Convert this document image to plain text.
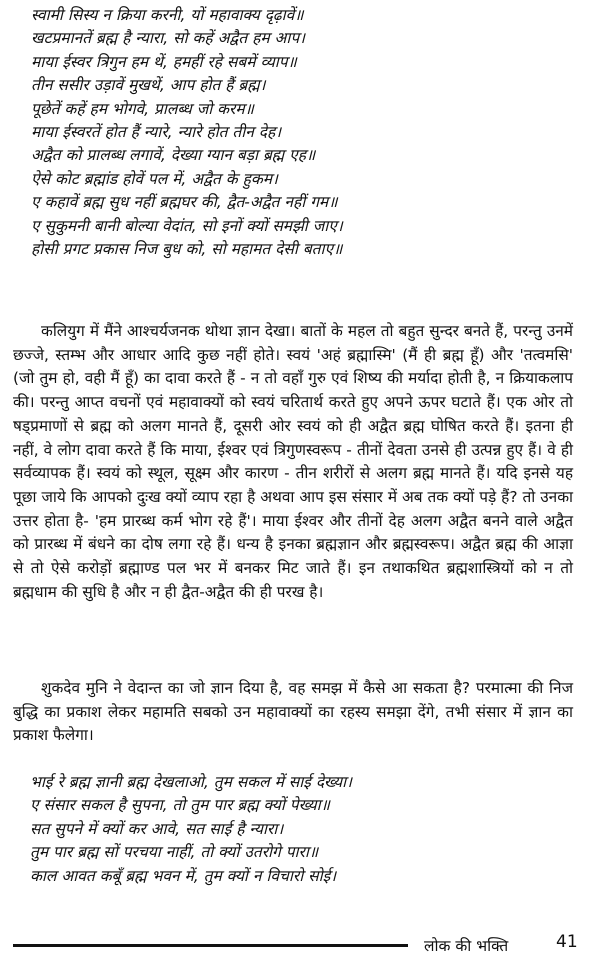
स्वामी सिस्य न क्रिया करनी, यों महावाक्य दृढ़ावें॥
खटप्रमानतें ब्रह्म है न्यारा, सो कहें अद्वैत हम आप।
माया ईस्वर त्रिगुन हम थें, हमहीं रहे सबमें व्याप॥
तीन ससीर उड़ावें मुखथें, आप होत हैं ब्रह्म।
पूछेतें कहें हम भोगवे, प्रालब्ध जो करम॥
माया ईस्वरतें होत हैं न्यारे, न्यारे होत तीन देह।
अद्वैत को प्रालब्ध लगावें, देख्या ग्यान बड़ा ब्रह्म एह॥
ऐसे कोट ब्रह्मांड होवें पल में, अद्वैत के हुकम।
ए कहावें ब्रह्म सुध नहीं ब्रह्मघर की, द्वैत-अद्वैत नहीं गम॥
ए सुकुमनी बानी बोल्या वेदांत, सो इनों क्यों समझी जाए।
होसी प्रगट प्रकास निज बुध को, सो महामत देसी बताए॥

कलियुग में मैंने आश्चर्यजनक थोथा ज्ञान देखा। बातों के महल तो बहुत सुन्दर बनते हैं, परन्तु उनमें छज्जे, स्तम्भ और आधार आदि कुछ नहीं होते। स्वयं 'अहं ब्रह्मास्मि' (मैं ही ब्रह्म हूँ) और 'तत्वमसि' (जो तुम हो, वही मैं हूँ) का दावा करते हैं - न तो वहाँ गुरु एवं शिष्य की मर्यादा होती है, न क्रियाकलाप की। परन्तु आप्त वचनों एवं महावाक्यों को स्वयं चरितार्थ करते हुए अपने ऊपर घटाते हैं। एक ओर तो षड्प्रमाणों से ब्रह्म को अलग मानते हैं, दूसरी ओर स्वयं को ही अद्वैत ब्रह्म घोषित करते हैं। इतना ही नहीं, वे लोग दावा करते हैं कि माया, ईश्वर एवं त्रिगुणस्वरूप - तीनों देवता उनसे ही उत्पन्न हुए हैं। वे ही सर्वव्यापक हैं। स्वयं को स्थूल, सूक्ष्म और कारण - तीन शरीरों से अलग ब्रह्म मानते हैं। यदि इनसे यह पूछा जाये कि आपको दुःख क्यों व्याप रहा है अथवा आप इस संसार में अब तक क्यों पड़े हैं? तो उनका उत्तर होता है- 'हम प्रारब्ध कर्म भोग रहे हैं'। माया ईश्वर और तीनों देह अलग अद्वैत बनने वाले अद्वैत को प्रारब्ध में बंधने का दोष लगा रहे हैं। धन्य है इनका ब्रह्मज्ञान और ब्रह्मस्वरूप। अद्वैत ब्रह्म की आज्ञा से तो ऐसे करोड़ों ब्रह्माण्ड पल भर में बनकर मिट जाते हैं। इन तथाकथित ब्रह्मशास्त्रियों को न तो ब्रह्मधाम की सुधि है और न ही द्वैत-अद्वैत की ही परख है।

शुकदेव मुनि ने वेदान्त का जो ज्ञान दिया है, वह समझ में कैसे आ सकता है? परमात्मा की निज बुद्धि का प्रकाश लेकर महामति सबको उन महावाक्यों का रहस्य समझा देंगे, तभी संसार में ज्ञान का प्रकाश फैलेगा।

भाई रे ब्रह्म ज्ञानी ब्रह्म देखलाओ, तुम सकल में साई देख्या।
ए संसार सकल है सुपना, तो तुम पार ब्रह्म क्यों पेख्या॥
सत सुपने में क्यों कर आवे, सत साई है न्यारा।
तुम पार ब्रह्म सों परचया नाहीं, तो क्यों उतरोगे पारा॥
काल आवत कबूँ ब्रह्म भवन में, तुम क्यों न विचारो सोई।
लोक की भक्ति	41
